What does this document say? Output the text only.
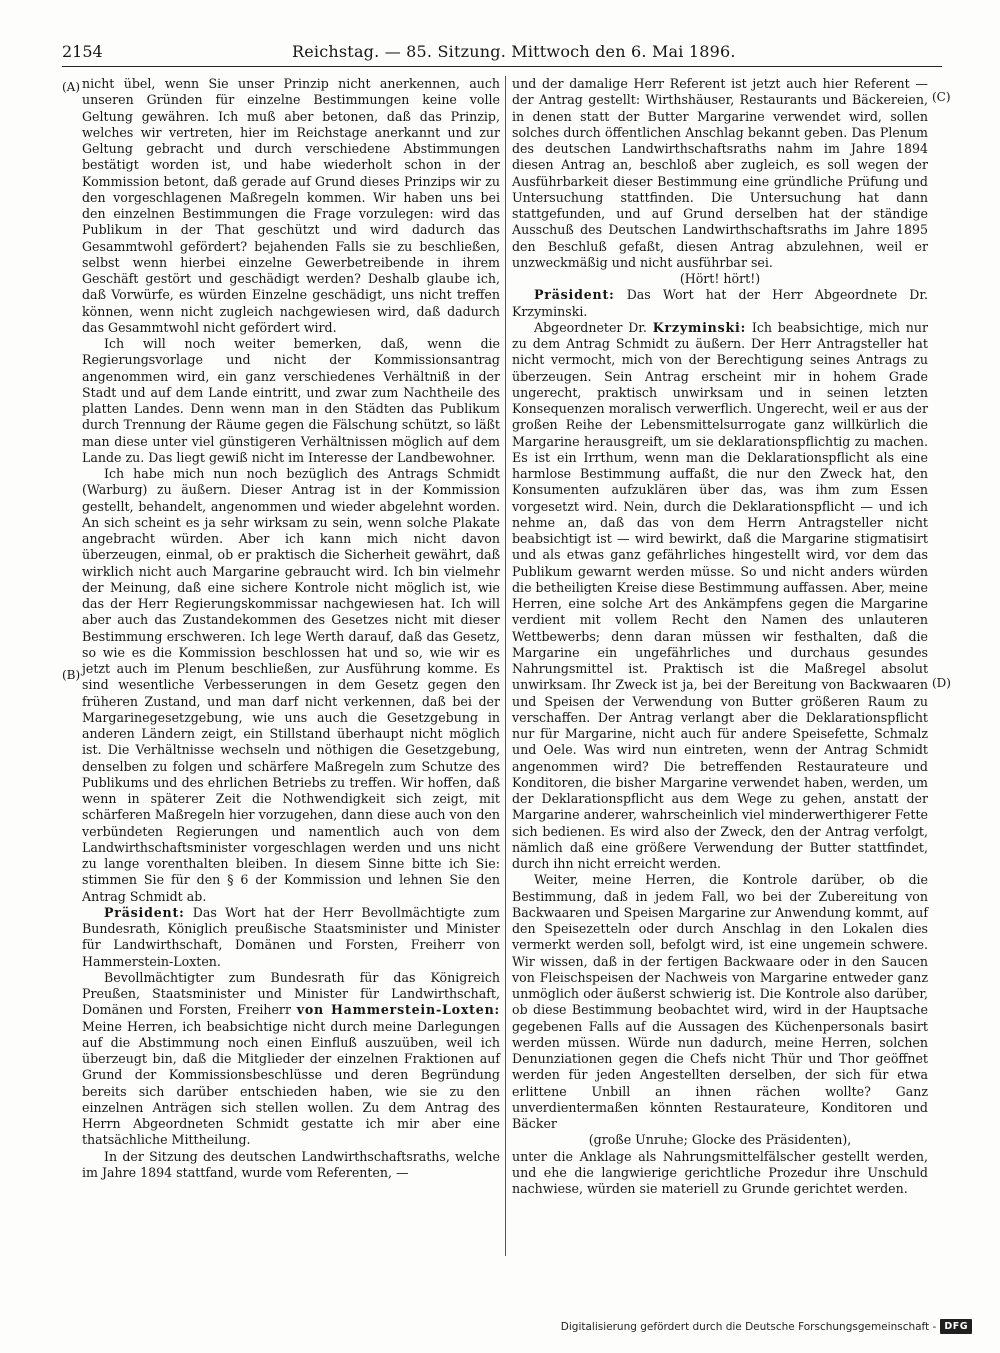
2154	Reichstag. — 85. Sitzung. Mittwoch den 6. Mai 1896.
(A)
(B)
(C)
(D)

nicht übel, wenn Sie unser Prinzip nicht anerkennen, auch unseren Gründen für einzelne Bestimmungen keine volle Geltung gewähren. Ich muß aber betonen, daß das Prinzip, welches wir vertreten, hier im Reichstage anerkannt und zur Geltung gebracht und durch verschiedene Abstimmungen bestätigt worden ist, und habe wiederholt schon in der Kommission betont, daß gerade auf Grund dieses Prinzips wir zu den vorgeschlagenen Maßregeln kommen. Wir haben uns bei den einzelnen Bestimmungen die Frage vorzulegen: wird das Publikum in der That geschützt und wird dadurch das Gesammtwohl gefördert? bejahenden Falls sie zu beschließen, selbst wenn hierbei einzelne Gewerbetreibende in ihrem Geschäft gestört und geschädigt werden? Deshalb glaube ich, daß Vorwürfe, es würden Einzelne geschädigt, uns nicht treffen können, wenn nicht zugleich nachgewiesen wird, daß dadurch das Gesammtwohl nicht gefördert wird.

Ich will noch weiter bemerken, daß, wenn die Regierungsvorlage und nicht der Kommissionsantrag angenommen wird, ein ganz verschiedenes Verhältniß in der Stadt und auf dem Lande eintritt, und zwar zum Nachtheile des platten Landes. Denn wenn man in den Städten das Publikum durch Trennung der Räume gegen die Fälschung schützt, so läßt man diese unter viel günstigeren Verhältnissen möglich auf dem Lande zu. Das liegt gewiß nicht im Interesse der Landbewohner.

Ich habe mich nun noch bezüglich des Antrags Schmidt (Warburg) zu äußern. Dieser Antrag ist in der Kommission gestellt, behandelt, angenommen und wieder abgelehnt worden. An sich scheint es ja sehr wirksam zu sein, wenn solche Plakate angebracht würden. Aber ich kann mich nicht davon überzeugen, einmal, ob er praktisch die Sicherheit gewährt, daß wirklich nicht auch Margarine gebraucht wird. Ich bin vielmehr der Meinung, daß eine sichere Kontrole nicht möglich ist, wie das der Herr Regierungskommissar nachgewiesen hat. Ich will aber auch das Zustandekommen des Gesetzes nicht mit dieser Bestimmung erschweren. Ich lege Werth darauf, daß das Gesetz, so wie es die Kommission beschlossen hat und so, wie wir es jetzt auch im Plenum beschließen, zur Ausführung komme. Es sind wesentliche Verbesserungen in dem Gesetz gegen den früheren Zustand, und man darf nicht verkennen, daß bei der Margarinegesetzgebung, wie uns auch die Gesetzgebung in anderen Ländern zeigt, ein Stillstand überhaupt nicht möglich ist. Die Verhältnisse wechseln und nöthigen die Gesetzgebung, denselben zu folgen und schärfere Maßregeln zum Schutze des Publikums und des ehrlichen Betriebs zu treffen. Wir hoffen, daß wenn in späterer Zeit die Nothwendigkeit sich zeigt, mit schärferen Maßregeln hier vorzugehen, dann diese auch von den verbündeten Regierungen und namentlich auch von dem Landwirthschaftsminister vorgeschlagen werden und uns nicht zu lange vorenthalten bleiben. In diesem Sinne bitte ich Sie: stimmen Sie für den § 6 der Kommission und lehnen Sie den Antrag Schmidt ab.

Präsident: Das Wort hat der Herr Bevollmächtigte zum Bundesrath, Königlich preußische Staatsminister und Minister für Landwirthschaft, Domänen und Forsten, Freiherr von Hammerstein-Loxten.

Bevollmächtigter zum Bundesrath für das Königreich Preußen, Staatsminister und Minister für Landwirthschaft, Domänen und Forsten, Freiherr von Hammerstein-Loxten: Meine Herren, ich beabsichtige nicht durch meine Darlegungen auf die Abstimmung noch einen Einfluß auszuüben, weil ich überzeugt bin, daß die Mitglieder der einzelnen Fraktionen auf Grund der Kommissionsbeschlüsse und deren Begründung bereits sich darüber entschieden haben, wie sie zu den einzelnen Anträgen sich stellen wollen. Zu dem Antrag des Herrn Abgeordneten Schmidt gestatte ich mir aber eine thatsächliche Mittheilung.

In der Sitzung des deutschen Landwirthschaftsraths, welche im Jahre 1894 stattfand, wurde vom Referenten, —

und der damalige Herr Referent ist jetzt auch hier Referent — der Antrag gestellt: Wirthshäuser, Restaurants und Bäckereien, in denen statt der Butter Margarine verwendet wird, sollen solches durch öffentlichen Anschlag bekannt geben. Das Plenum des deutschen Landwirthschaftsraths nahm im Jahre 1894 diesen Antrag an, beschloß aber zugleich, es soll wegen der Ausführbarkeit dieser Bestimmung eine gründliche Prüfung und Untersuchung stattfinden. Die Untersuchung hat dann stattgefunden, und auf Grund derselben hat der ständige Ausschuß des Deutschen Landwirthschaftsraths im Jahre 1895 den Beschluß gefaßt, diesen Antrag abzulehnen, weil er unzweckmäßig und nicht ausführbar sei.

(Hört! hört!)

Präsident: Das Wort hat der Herr Abgeordnete Dr. Krzyminski.

Abgeordneter Dr. Krzyminski: Ich beabsichtige, mich nur zu dem Antrag Schmidt zu äußern. Der Herr Antragsteller hat nicht vermocht, mich von der Berechtigung seines Antrags zu überzeugen. Sein Antrag erscheint mir in hohem Grade ungerecht, praktisch unwirksam und in seinen letzten Konsequenzen moralisch verwerflich. Ungerecht, weil er aus der großen Reihe der Lebensmittelsurrogate ganz willkürlich die Margarine herausgreift, um sie deklarationspflichtig zu machen. Es ist ein Irrthum, wenn man die Deklarationspflicht als eine harmlose Bestimmung auffaßt, die nur den Zweck hat, den Konsumenten aufzuklären über das, was ihm zum Essen vorgesetzt wird. Nein, durch die Deklarationspflicht — und ich nehme an, daß das von dem Herrn Antragsteller nicht beabsichtigt ist — wird bewirkt, daß die Margarine stigmatisirt und als etwas ganz gefährliches hingestellt wird, vor dem das Publikum gewarnt werden müsse. So und nicht anders würden die betheiligten Kreise diese Bestimmung auffassen. Aber, meine Herren, eine solche Art des Ankämpfens gegen die Margarine verdient mit vollem Recht den Namen des unlauteren Wettbewerbs; denn daran müssen wir festhalten, daß die Margarine ein ungefährliches und durchaus gesundes Nahrungsmittel ist. Praktisch ist die Maßregel absolut unwirksam. Ihr Zweck ist ja, bei der Bereitung von Backwaaren und Speisen der Verwendung von Butter größeren Raum zu verschaffen. Der Antrag verlangt aber die Deklarationspflicht nur für Margarine, nicht auch für andere Speisefette, Schmalz und Oele. Was wird nun eintreten, wenn der Antrag Schmidt angenommen wird? Die betreffenden Restaurateure und Konditoren, die bisher Margarine verwendet haben, werden, um der Deklarationspflicht aus dem Wege zu gehen, anstatt der Margarine anderer, wahrscheinlich viel minderwerthigerer Fette sich bedienen. Es wird also der Zweck, den der Antrag verfolgt, nämlich daß eine größere Verwendung der Butter stattfindet, durch ihn nicht erreicht werden.

Weiter, meine Herren, die Kontrole darüber, ob die Bestimmung, daß in jedem Fall, wo bei der Zubereitung von Backwaaren und Speisen Margarine zur Anwendung kommt, auf den Speisezetteln oder durch Anschlag in den Lokalen dies vermerkt werden soll, befolgt wird, ist eine ungemein schwere. Wir wissen, daß in der fertigen Backwaare oder in den Saucen von Fleischspeisen der Nachweis von Margarine entweder ganz unmöglich oder äußerst schwierig ist. Die Kontrole also darüber, ob diese Bestimmung beobachtet wird, wird in der Hauptsache gegebenen Falls auf die Aussagen des Küchenpersonals basirt werden müssen. Würde nun dadurch, meine Herren, solchen Denunziationen gegen die Chefs nicht Thür und Thor geöffnet werden für jeden Angestellten derselben, der sich für etwa erlittene Unbill an ihnen rächen wollte? Ganz unverdientermaßen könnten Restaurateure, Konditoren und Bäcker

(große Unruhe; Glocke des Präsidenten),

unter die Anklage als Nahrungsmittelfälscher gestellt werden, und ehe die langwierige gerichtliche Prozedur ihre Unschuld nachwiese, würden sie materiell zu Grunde gerichtet werden.

Digitalisierung gefördert durch die Deutsche Forschungsgemeinschaft - DFG
